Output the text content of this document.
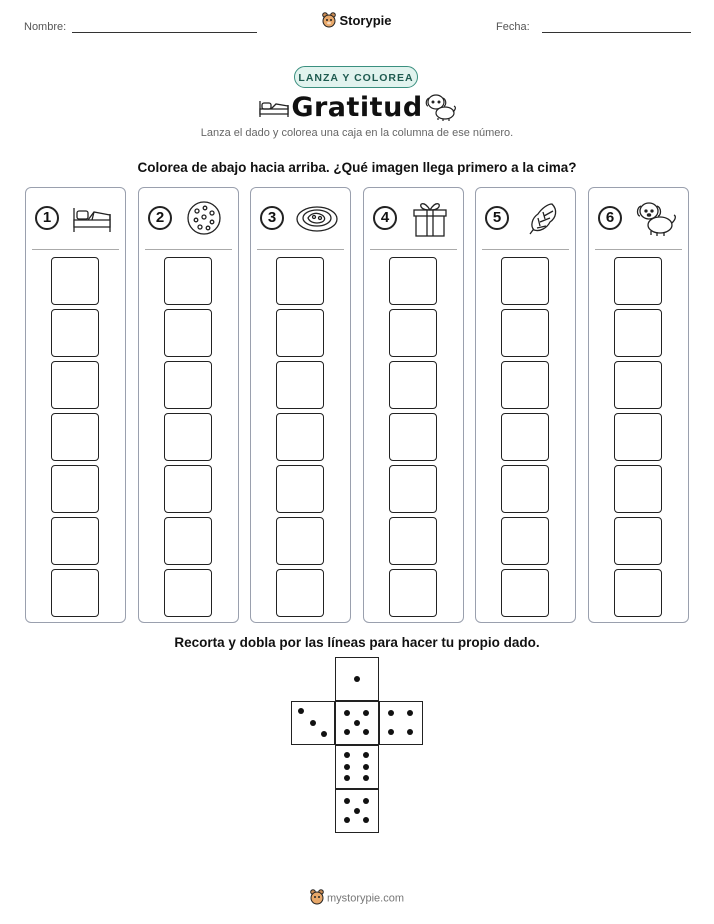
Nombre:	Fecha:
Storypie
LANZA Y COLOREA
Gratitud
Lanza el dado y colorea una caja en la columna de ese número.
Colorea de abajo hacia arriba. ¿Qué imagen llega primero a la cima?
1	2	3	4	5	6
Recorta y dobla por las líneas para hacer tu propio dado.
mystorypie.com
